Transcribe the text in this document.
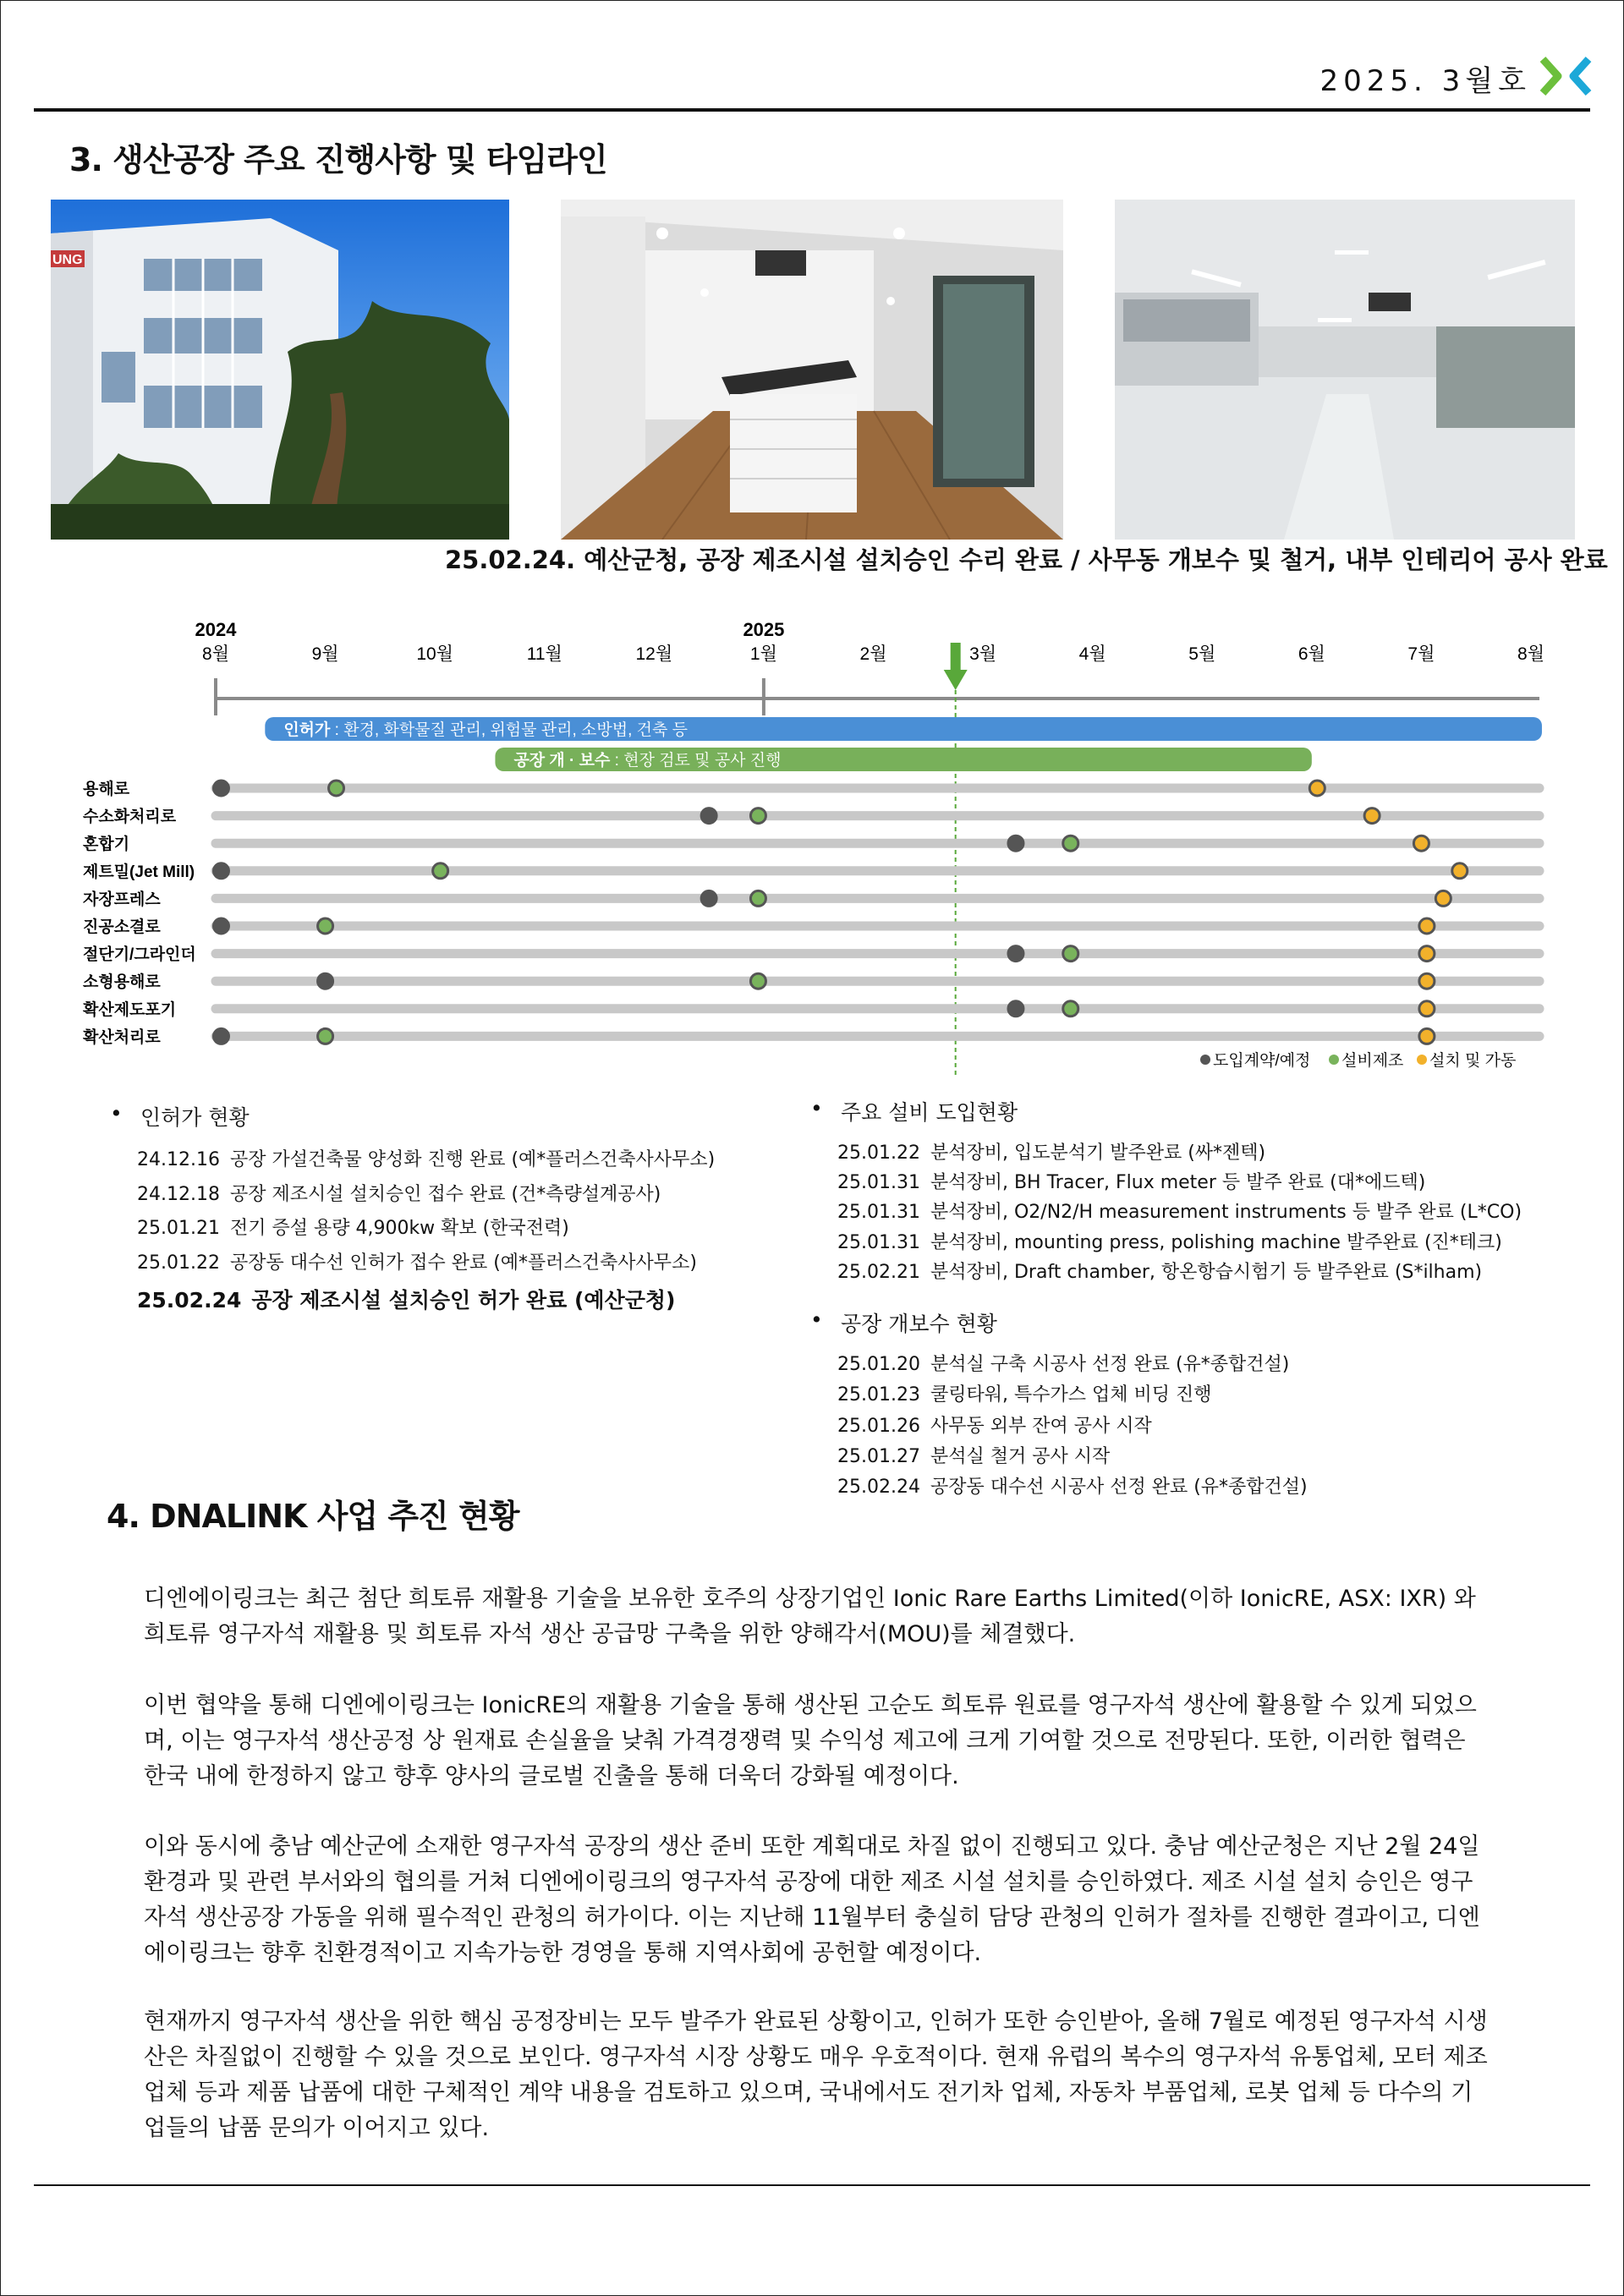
2025. 3월호
3. 생산공장 주요 진행사항 및 타임라인
UNG
25.02.24. 예산군청, 공장 제조시설 설치승인 수리 완료 / 사무동 개보수 및 철거, 내부 인테리어 공사 완료
2024	2025
8월	9월	10월	11월	12월	1월	2월	3월	4월	5월	6월	7월	8월
인허가 : 환경, 화학물질 관리, 위험물 관리, 소방법, 건축 등
공장 개 · 보수 : 현장 검토 및 공사 진행
용해로
수소화처리로
혼합기
제트밀(Jet Mill)
자장프레스
진공소결로
절단기/그라인더
소형용해로
확산제도포기
확산처리로
도입계약/예정 설비제조 설치 및 가동
• 인허가 현황
24.12.16 공장 가설건축물 양성화 진행 완료 (예*플러스건축사사무소)
24.12.18 공장 제조시설 설치승인 접수 완료 (건*측량설계공사)
25.01.21 전기 증설 용량 4,900kw 확보 (한국전력)
25.01.22 공장동 대수선 인허가 접수 완료 (예*플러스건축사사무소)
25.02.24 공장 제조시설 설치승인 허가 완료 (예산군청)
• 주요 설비 도입현황
25.01.22 분석장비, 입도분석기 발주완료 (싸*젠텍)
25.01.31 분석장비, BH Tracer, Flux meter 등 발주 완료 (대*에드텍)
25.01.31 분석장비, O2/N2/H measurement instruments 등 발주 완료 (L*CO)
25.01.31 분석장비, mounting press, polishing machine 발주완료 (진*테크)
25.02.21 분석장비, Draft chamber, 항온항습시험기 등 발주완료 (S*ilham)
• 공장 개보수 현황
25.01.20 분석실 구축 시공사 선정 완료 (유*종합건설)
25.01.23 쿨링타워, 특수가스 업체 비딩 진행
25.01.26 사무동 외부 잔여 공사 시작
25.01.27 분석실 철거 공사 시작
25.02.24 공장동 대수선 시공사 선정 완료 (유*종합건설)
4. DNALINK 사업 추진 현황

디엔에이링크는 최근 첨단 희토류 재활용 기술을 보유한 호주의 상장기업인 Ionic Rare Earths Limited(이하 IonicRE, ASX: IXR) 와 희토류 영구자석 재활용 및 희토류 자석 생산 공급망 구축을 위한 양해각서(MOU)를 체결했다.

이번 협약을 통해 디엔에이링크는 IonicRE의 재활용 기술을 통해 생산된 고순도 희토류 원료를 영구자석 생산에 활용할 수 있게 되었으며, 이는 영구자석 생산공정 상 원재료 손실율을 낮춰 가격경쟁력 및 수익성 제고에 크게 기여할 것으로 전망된다. 또한, 이러한 협력은 한국 내에 한정하지 않고 향후 양사의 글로벌 진출을 통해 더욱더 강화될 예정이다.

이와 동시에 충남 예산군에 소재한 영구자석 공장의 생산 준비 또한 계획대로 차질 없이 진행되고 있다. 충남 예산군청은 지난 2월 24일 환경과 및 관련 부서와의 협의를 거쳐 디엔에이링크의 영구자석 공장에 대한 제조 시설 설치를 승인하였다. 제조 시설 설치 승인은 영구자석 생산공장 가동을 위해 필수적인 관청의 허가이다. 이는 지난해 11월부터 충실히 담당 관청의 인허가 절차를 진행한 결과이고, 디엔에이링크는 향후 친환경적이고 지속가능한 경영을 통해 지역사회에 공헌할 예정이다.

현재까지 영구자석 생산을 위한 핵심 공정장비는 모두 발주가 완료된 상황이고, 인허가 또한 승인받아, 올해 7월로 예정된 영구자석 시생산은 차질없이 진행할 수 있을 것으로 보인다. 영구자석 시장 상황도 매우 우호적이다. 현재 유럽의 복수의 영구자석 유통업체, 모터 제조업체 등과 제품 납품에 대한 구체적인 계약 내용을 검토하고 있으며, 국내에서도 전기차 업체, 자동차 부품업체, 로봇 업체 등 다수의 기업들의 납품 문의가 이어지고 있다.
